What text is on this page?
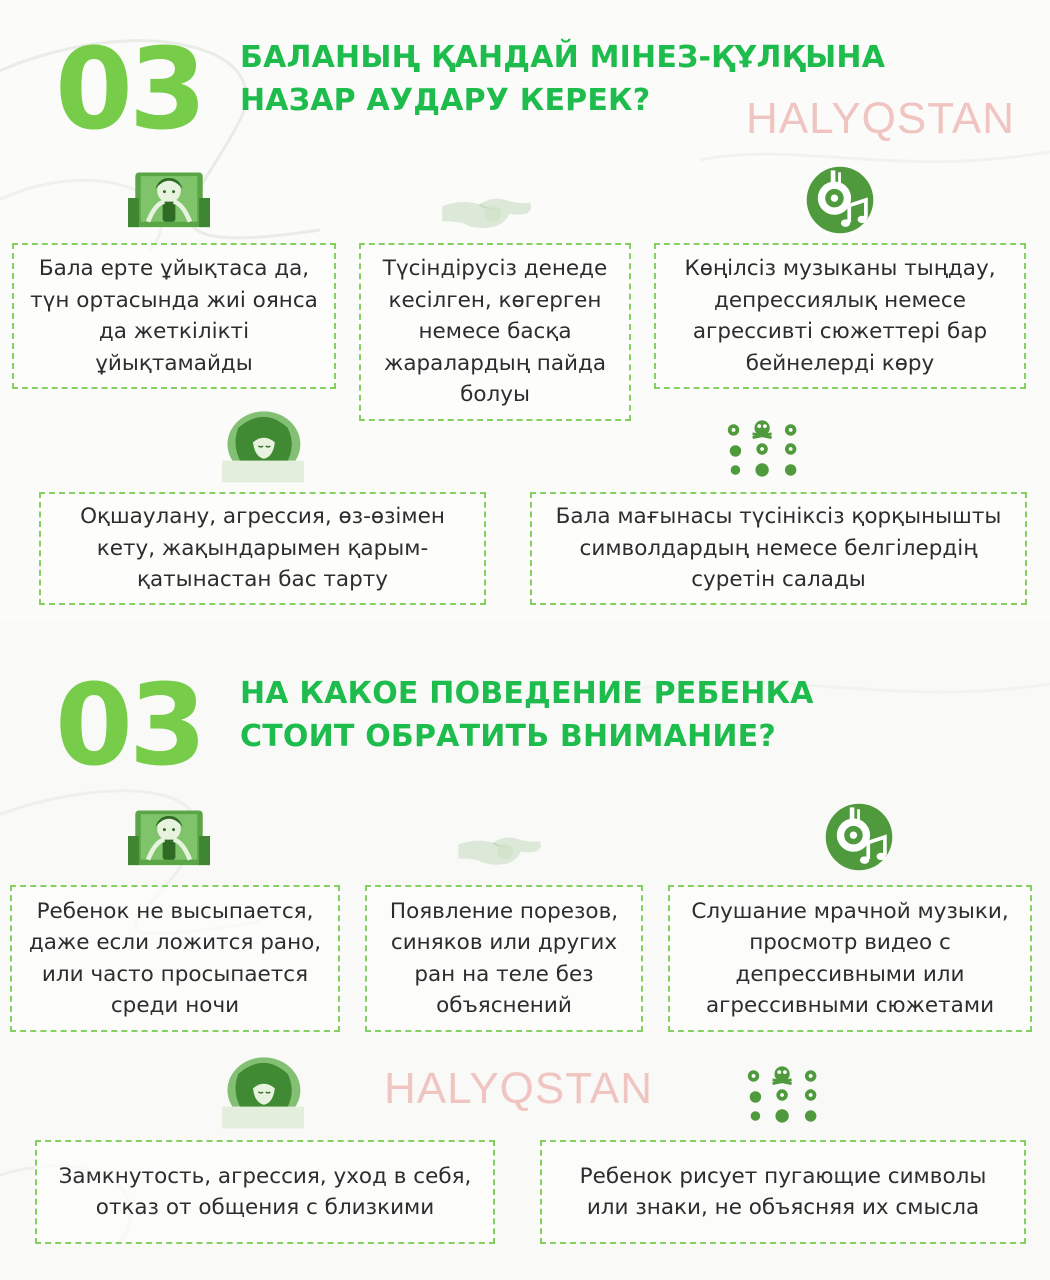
03 БАЛАНЫҢ ҚАНДАЙ МІНЕЗ-ҚҰЛҚЫНА
НАЗАР АУДАРУ КЕРЕК?	HALYQSTAN
Бала ерте ұйықтаса да,
түн ортасында жиі оянса
да жеткілікті
ұйықтамайды
Түсіндірусіз денеде
кесілген, көгерген
немесе басқа
жаралардың пайда
болуы
Көңілсіз музыканы тыңдау,
депрессиялық немесе
агрессивті сюжеттері бар
бейнелерді көру
Оқшаулану, агрессия, өз-өзімен
кету, жақындарымен қарым-
қатынастан бас тарту
Бала мағынасы түсініксіз қорқынышты
символдардың немесе белгілердің
суретін салады
03 НА КАКОЕ ПОВЕДЕНИЕ РЕБЕНКА
СТОИТ ОБРАТИТЬ ВНИМАНИЕ?
Ребенок не высыпается,
даже если ложится рано,
или часто просыпается
среди ночи
Появление порезов,
синяков или других
ран на теле без
объяснений
Слушание мрачной музыки,
просмотр видео с
депрессивными или
агрессивными сюжетами
HALYQSTAN
Замкнутость, агрессия, уход в себя,
отказ от общения с близкими
Ребенок рисует пугающие символы
или знаки, не объясняя их смысла
